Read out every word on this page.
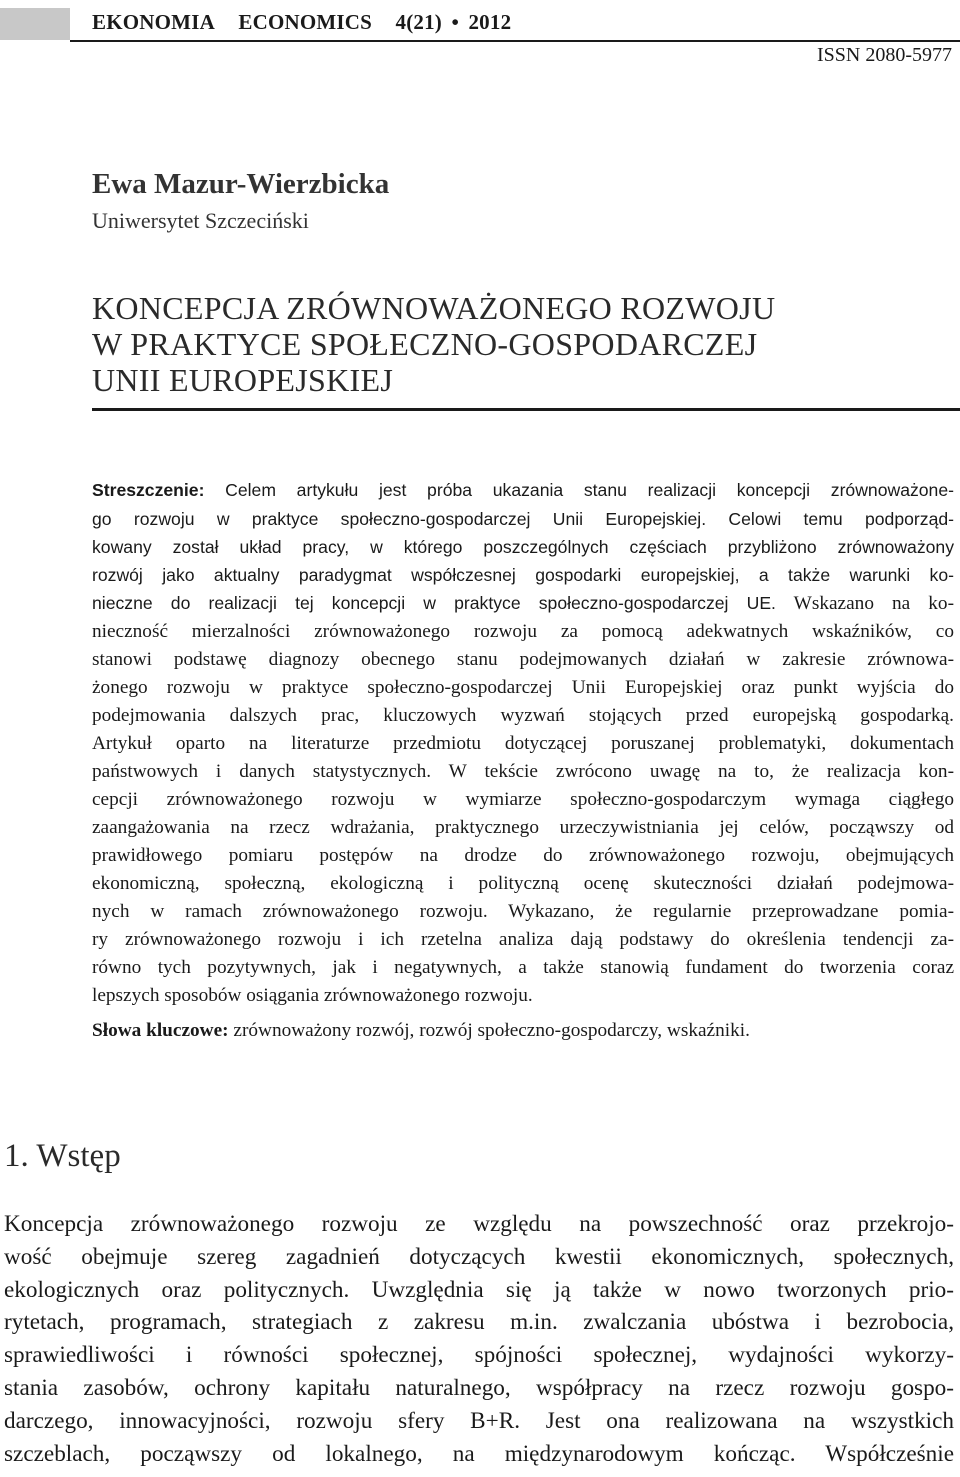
EKONOMIA ECONOMICS 4(21) • 2012
ISSN 2080-5977
Ewa Mazur-Wierzbicka
Uniwersytet Szczeciński
KONCEPCJA ZRÓWNOWAŻONEGO ROZWOJU
W PRAKTYCE SPOŁECZNO-GOSPODARCZEJ
UNII EUROPEJSKIEJ
Streszczenie: Celem artykułu jest próba ukazania stanu realizacji koncepcji zrównoważone-
go rozwoju w praktyce społeczno-gospodarczej Unii Europejskiej. Celowi temu podporząd-
kowany został układ pracy, w którego poszczególnych częściach przybliżono zrównoważony
rozwój jako aktualny paradygmat współczesnej gospodarki europejskiej, a także warunki ko-
nieczne do realizacji tej koncepcji w praktyce społeczno-gospodarczej UE. Wskazano na ko-
nieczność mierzalności zrównoważonego rozwoju za pomocą adekwatnych wskaźników, co
stanowi podstawę diagnozy obecnego stanu podejmowanych działań w zakresie zrównowa-
żonego rozwoju w praktyce społeczno-gospodarczej Unii Europejskiej oraz punkt wyjścia do
podejmowania dalszych prac, kluczowych wyzwań stojących przed europejską gospodarką.
Artykuł oparto na literaturze przedmiotu dotyczącej poruszanej problematyki, dokumentach
państwowych i danych statystycznych. W tekście zwrócono uwagę na to, że realizacja kon-
cepcji zrównoważonego rozwoju w wymiarze społeczno-gospodarczym wymaga ciągłego
zaangażowania na rzecz wdrażania, praktycznego urzeczywistniania jej celów, począwszy od
prawidłowego pomiaru postępów na drodze do zrównoważonego rozwoju, obejmujących
ekonomiczną, społeczną, ekologiczną i polityczną ocenę skuteczności działań podejmowa-
nych w ramach zrównoważonego rozwoju. Wykazano, że regularnie przeprowadzane pomia-
ry zrównoważonego rozwoju i ich rzetelna analiza dają podstawy do określenia tendencji za-
równo tych pozytywnych, jak i negatywnych, a także stanowią fundament do tworzenia coraz
lepszych sposobów osiągania zrównoważonego rozwoju.
Słowa kluczowe: zrównoważony rozwój, rozwój społeczno-gospodarczy, wskaźniki.
1. Wstęp
Koncepcja zrównoważonego rozwoju ze względu na powszechność oraz przekrojo-
wość obejmuje szereg zagadnień dotyczących kwestii ekonomicznych, społecznych,
ekologicznych oraz politycznych. Uwzględnia się ją także w nowo tworzonych prio-
rytetach, programach, strategiach z zakresu m.in. zwalczania ubóstwa i bezrobocia,
sprawiedliwości i równości społecznej, spójności społecznej, wydajności wykorzy-
stania zasobów, ochrony kapitału naturalnego, współpracy na rzecz rozwoju gospo-
darczego, innowacyjności, rozwoju sfery B+R. Jest ona realizowana na wszystkich
szczeblach, począwszy od lokalnego, na międzynarodowym kończąc. Współcześnie
